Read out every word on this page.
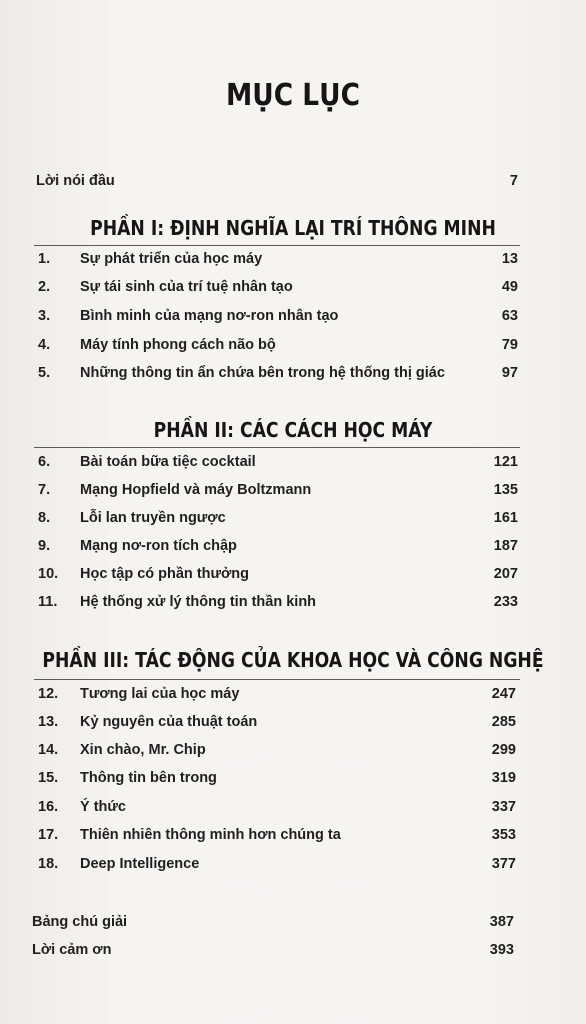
MỤC LỤC
Lời nói đầu	7
PHẦN I: ĐỊNH NGHĨA LẠI TRÍ THÔNG MINH
1. Sự phát triển của học máy	13
2. Sự tái sinh của trí tuệ nhân tạo	49
3. Bình minh của mạng nơ-ron nhân tạo	63
4. Máy tính phong cách não bộ	79
5. Những thông tin ẩn chứa bên trong hệ thống thị giác	97
PHẦN II: CÁC CÁCH HỌC MÁY
6. Bài toán bữa tiệc cocktail	121
7. Mạng Hopfield và máy Boltzmann	135
8. Lỗi lan truyền ngược	161
9. Mạng nơ-ron tích chập	187
10. Học tập có phần thưởng	207
11. Hệ thống xử lý thông tin thần kinh	233
PHẦN III: TÁC ĐỘNG CỦA KHOA HỌC VÀ CÔNG NGHỆ
12. Tương lai của học máy	247
13. Kỷ nguyên của thuật toán	285
14. Xin chào, Mr. Chip	299
15. Thông tin bên trong	319
16. Ý thức	337
17. Thiên nhiên thông minh hơn chúng ta	353
18. Deep Intelligence	377
Bảng chú giải	387
Lời cảm ơn	393
